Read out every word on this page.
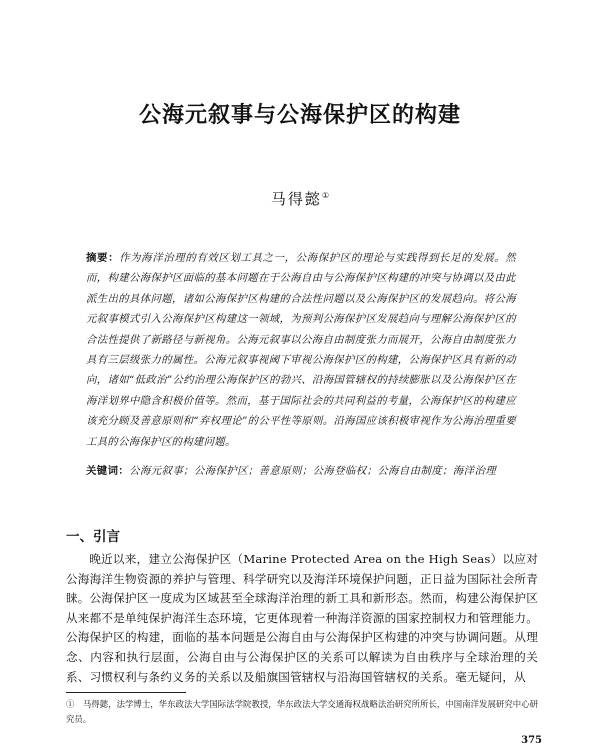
公海元叙事与公海保护区的构建
马得懿①
摘要：作为海洋治理的有效区划工具之一，公海保护区的理论与实践得到长足的发展。然而，构建公海保护区面临的基本问题在于公海自由与公海保护区构建的冲突与协调以及由此派生出的具体问题，诸如公海保护区构建的合法性问题以及公海保护区的发展趋向。将公海元叙事模式引入公海保护区构建这一领域，为预判公海保护区发展趋向与理解公海保护区的合法性提供了新路径与新视角。公海元叙事以公海自由制度张力而展开，公海自由制度张力具有三层级张力的属性。公海元叙事视阈下审视公海保护区的构建，公海保护区具有新的动向，诸如“低政治”公约治理公海保护区的勃兴、沿海国管辖权的持续膨胀以及公海保护区在海洋划界中隐含积极价值等。然而，基于国际社会的共同利益的考量，公海保护区的构建应该充分顾及善意原则和“弃权理论”的公平性等原则。沿海国应该积极审视作为公海治理重要工具的公海保护区的构建问题。
关键词：公海元叙事；公海保护区；善意原则；公海登临权；公海自由制度；海洋治理
一、引言
晚近以来，建立公海保护区（Marine Protected Area on the High Seas）以应对公海海洋生物资源的养护与管理、科学研究以及海洋环境保护问题，正日益为国际社会所青睐。公海保护区一度成为区域甚至全球海洋治理的新工具和新形态。然而，构建公海保护区从来都不是单纯保护海洋生态环境，它更体现着一种海洋资源的国家控制权力和管理能力。公海保护区的构建，面临的基本问题是公海自由与公海保护区构建的冲突与协调问题。从理念、内容和执行层面，公海自由与公海保护区的关系可以解读为自由秩序与全球治理的关系、习惯权利与条约义务的关系以及船旗国管辖权与沿海国管辖权的关系。毫无疑问，从
①　马得懿，法学博士，华东政法大学国际法学院教授，华东政法大学交通海权战略法治研究所所长，中国南洋发展研究中心研究员。
375
